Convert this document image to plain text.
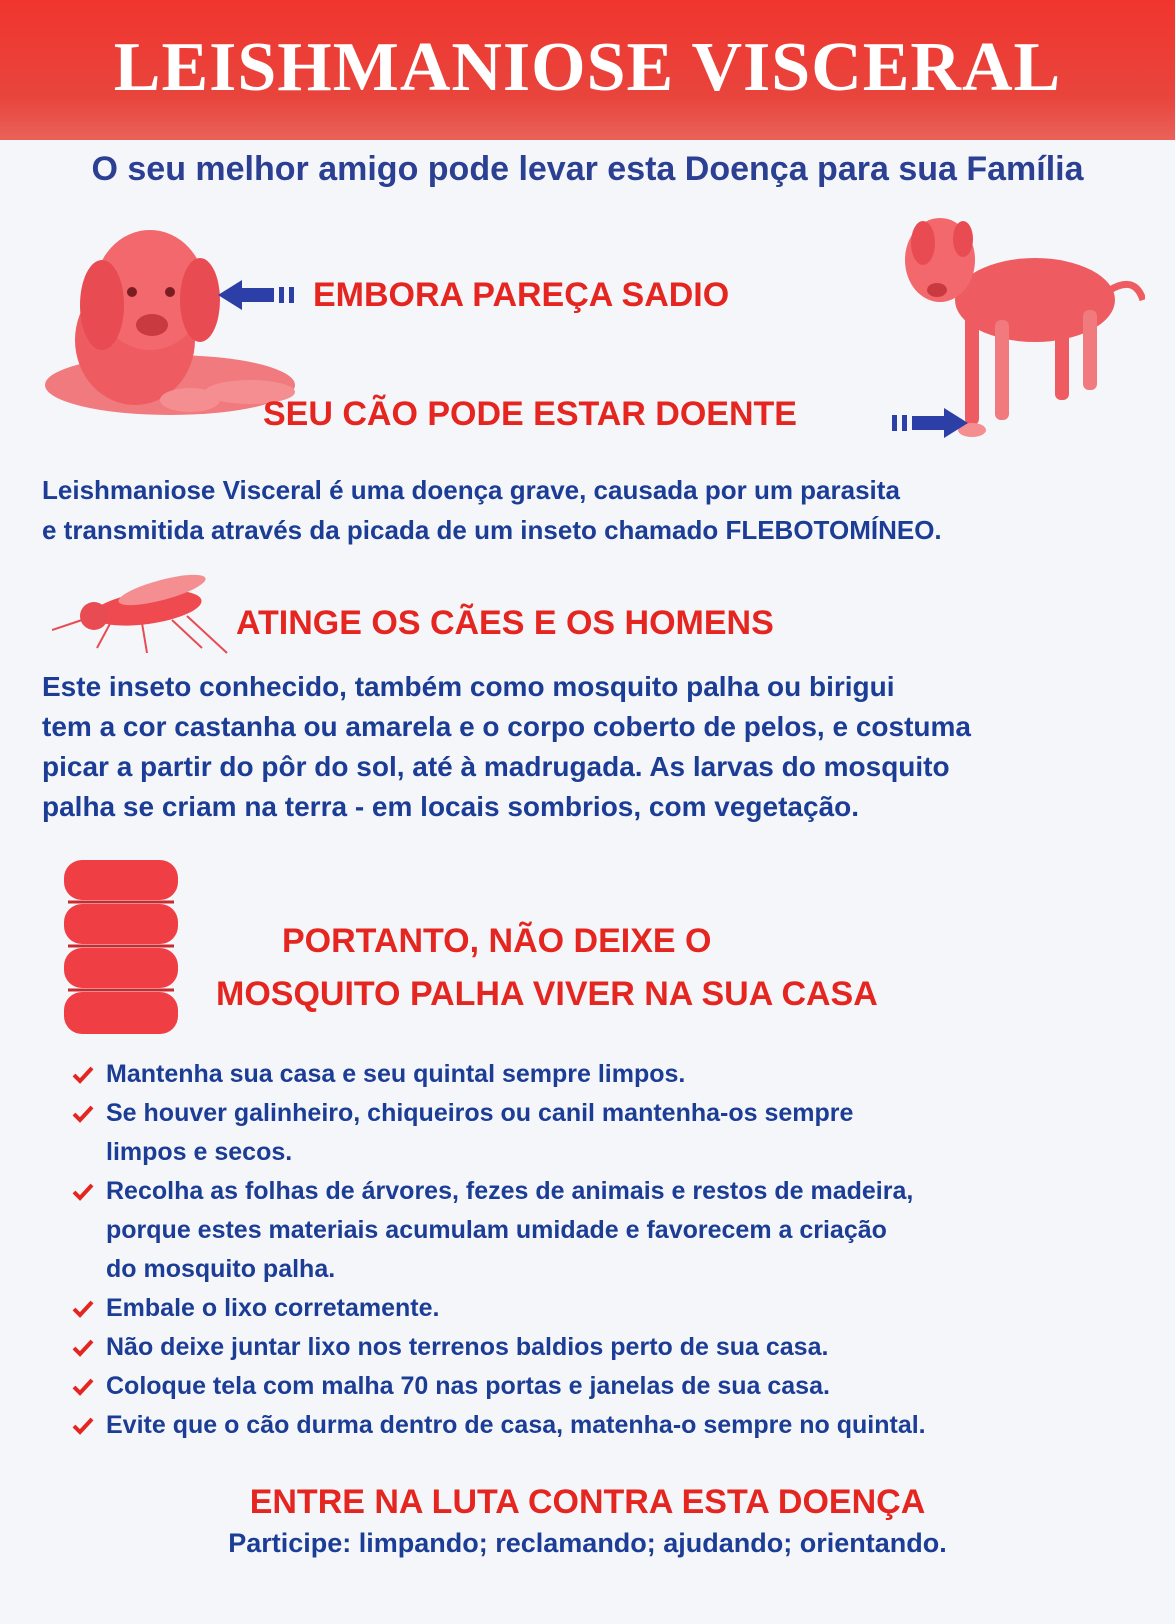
LEISHMANIOSE VISCERAL
O seu melhor amigo pode levar esta Doença para sua Família
EMBORA PAREÇA SADIO
SEU CÃO PODE ESTAR DOENTE
Leishmaniose Visceral é uma doença grave, causada por um parasita
e transmitida através da picada de um inseto chamado FLEBOTOMÍNEO.
ATINGE OS CÃES E OS HOMENS
Este inseto conhecido, também como mosquito palha ou birigui
tem a cor castanha ou amarela e o corpo coberto de pelos, e costuma
picar a partir do pôr do sol, até à madrugada. As larvas do mosquito
palha se criam na terra - em locais sombrios, com vegetação.
PORTANTO, NÃO DEIXE O
MOSQUITO PALHA VIVER NA SUA CASA
Mantenha sua casa e seu quintal sempre limpos.
Se houver galinheiro, chiqueiros ou canil mantenha-os sempre
limpos e secos.
Recolha as folhas de árvores, fezes de animais e restos de madeira,
porque estes materiais acumulam umidade e favorecem a criação
do mosquito palha.
Embale o lixo corretamente.
Não deixe juntar lixo nos terrenos baldios perto de sua casa.
Coloque tela com malha 70 nas portas e janelas de sua casa.
Evite que o cão durma dentro de casa, matenha-o sempre no quintal.
ENTRE NA LUTA CONTRA ESTA DOENÇA
Participe: limpando; reclamando; ajudando; orientando.
